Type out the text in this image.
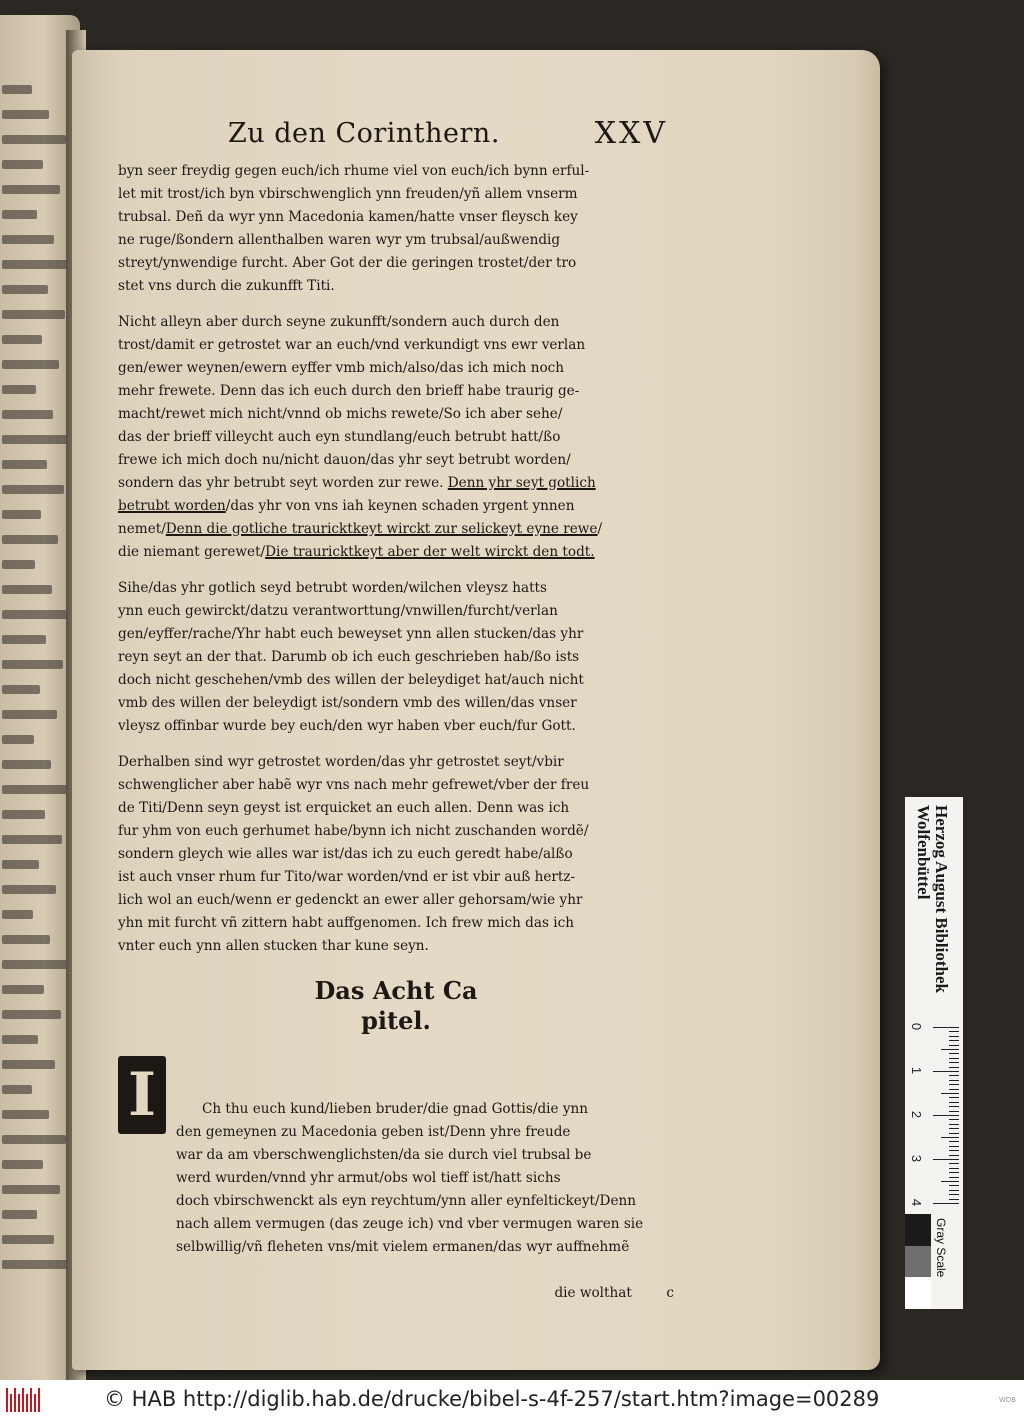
Zu den Corinthern.	XXV

byn seer freydig gegen euch/ich rhume viel von euch/ich bynn erful-
let mit trost/ich byn vbirschwenglich ynn freuden/yñ allem vnserm
trubsal. Deñ da wyr ynn Macedonia kamen/hatte vnser fleysch key
ne ruge/ßondern allenthalben waren wyr ym trubsal/außwendig
streyt/ynwendige furcht. Aber Got der die geringen trostet/der tro
stet vns durch die zukunfft Titi.

Nicht alleyn aber durch seyne zukunfft/sondern auch durch den
trost/damit er getrostet war an euch/vnd verkundigt vns ewr verlan
gen/ewer weynen/ewern eyffer vmb mich/also/das ich mich noch
mehr frewete. Denn das ich euch durch den brieff habe traurig ge-
macht/rewet mich nicht/vnnd ob michs rewete/So ich aber sehe/
das der brieff villeycht auch eyn stundlang/euch betrubt hatt/ßo
frewe ich mich doch nu/nicht dauon/das yhr seyt betrubt worden/
sondern das yhr betrubt seyt worden zur rewe. Denn yhr seyt gotlich
betrubt worden/das yhr von vns iah keynen schaden yrgent ynnen
nemet/Denn die gotliche trauricktkeyt wirckt zur selickeyt eyne rewe/
die niemant gerewet/Die trauricktkeyt aber der welt wirckt den todt.

Sihe/das yhr gotlich seyd betrubt worden/wilchen vleysz hatts
ynn euch gewirckt/datzu verantworttung/vnwillen/furcht/verlan
gen/eyffer/rache/Yhr habt euch beweyset ynn allen stucken/das yhr
reyn seyt an der that. Darumb ob ich euch geschrieben hab/ßo ists
doch nicht geschehen/vmb des willen der beleydiget hat/auch nicht
vmb des willen der beleydigt ist/sondern vmb des willen/das vnser
vleysz offinbar wurde bey euch/den wyr haben vber euch/fur Gott.

Derhalben sind wyr getrostet worden/das yhr getrostet seyt/vbir
schwenglicher aber habẽ wyr vns nach mehr gefrewet/vber der freu
de Titi/Denn seyn geyst ist erquicket an euch allen. Denn was ich
fur yhm von euch gerhumet habe/bynn ich nicht zuschanden wordẽ/
sondern gleych wie alles war ist/das ich zu euch geredt habe/alßo
ist auch vnser rhum fur Tito/war worden/vnd er ist vbir auß hertz-
lich wol an euch/wenn er gedenckt an ewer aller gehorsam/wie yhr
yhn mit furcht vñ zittern habt auffgenomen. Ich frew mich das ich
vnter euch ynn allen stucken thar kune seyn.

Das Acht Ca
pitel.

I	Ch thu euch kund/lieben bruder/die gnad Gottis/die ynn
den gemeynen zu Macedonia geben ist/Denn yhre freude
war da am vberschwenglichsten/da sie durch viel trubsal be
werd wurden/vnnd yhr armut/obs wol tieff ist/hatt sichs
doch vbirschwenckt als eyn reychtum/ynn aller eynfeltickeyt/Denn
nach allem vermugen (das zeuge ich) vnd vber vermugen waren sie
selbwillig/vñ fleheten vns/mit vielem ermanen/das wyr auffnehmẽ

die wolthat        c
Herzog August Bibliothek
Wolfenbüttel
0
1
2
3
4
Gray Scale
© HAB http://diglib.hab.de/drucke/bibel-s-4f-257/start.htm?image=00289	WDB
